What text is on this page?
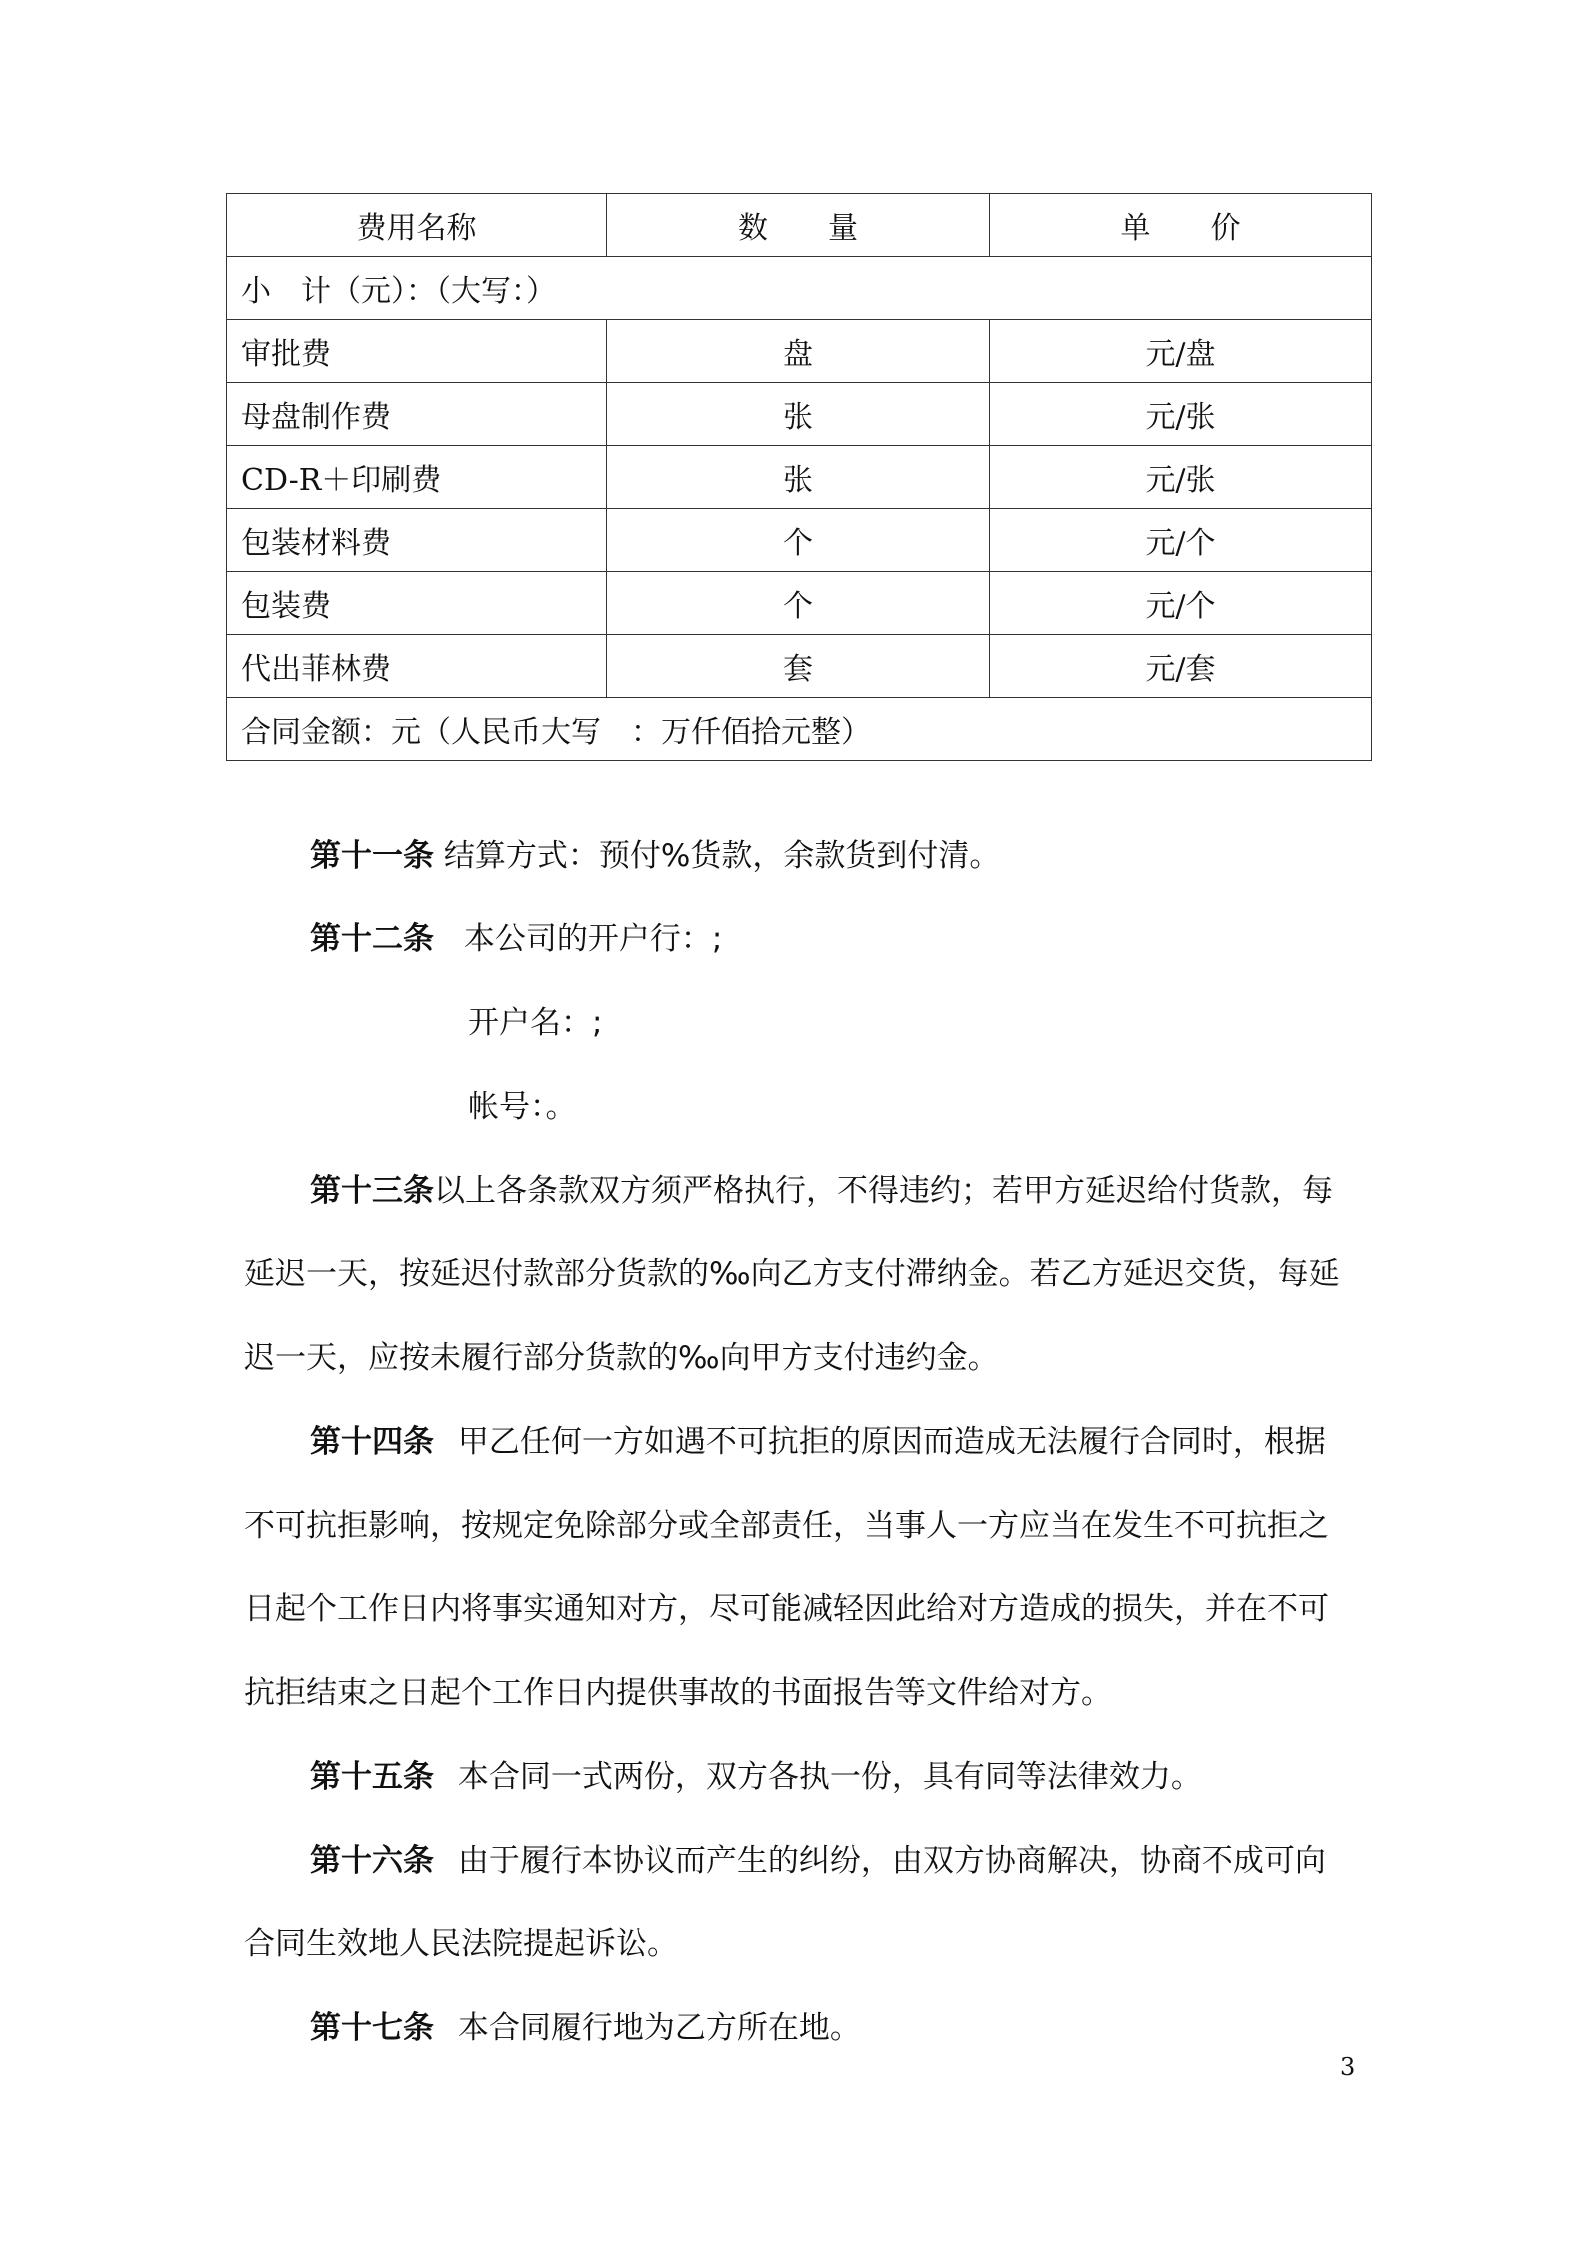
费用名称	数　　量	单　　价
小　计（元）：（大写：）		
审批费	盘	元/盘
母盘制作费	张	元/张
CD-R＋印刷费	张	元/张
包装材料费	个	元/个
包装费	个	元/个
代出菲林费	套	元/套
合同金额：元（人民币大写　：万仟佰拾元整）		
第十一条 结算方式：预付%货款，余款货到付清。
第十二条 本公司的开户行：;
开户名：;
帐号：。
第十三条以上各条款双方须严格执行，不得违约；若甲方延迟给付货款，每
延迟一天，按延迟付款部分货款的‰向乙方支付滞纳金。若乙方延迟交货，每延
迟一天，应按未履行部分货款的‰向甲方支付违约金。
第十四条 甲乙任何一方如遇不可抗拒的原因而造成无法履行合同时，根据
不可抗拒影响，按规定免除部分或全部责任，当事人一方应当在发生不可抗拒之
日起个工作日内将事实通知对方，尽可能减轻因此给对方造成的损失，并在不可
抗拒结束之日起个工作日内提供事故的书面报告等文件给对方。
第十五条 本合同一式两份，双方各执一份，具有同等法律效力。
第十六条 由于履行本协议而产生的纠纷，由双方协商解决，协商不成可向
合同生效地人民法院提起诉讼。
第十七条 本合同履行地为乙方所在地。
3
